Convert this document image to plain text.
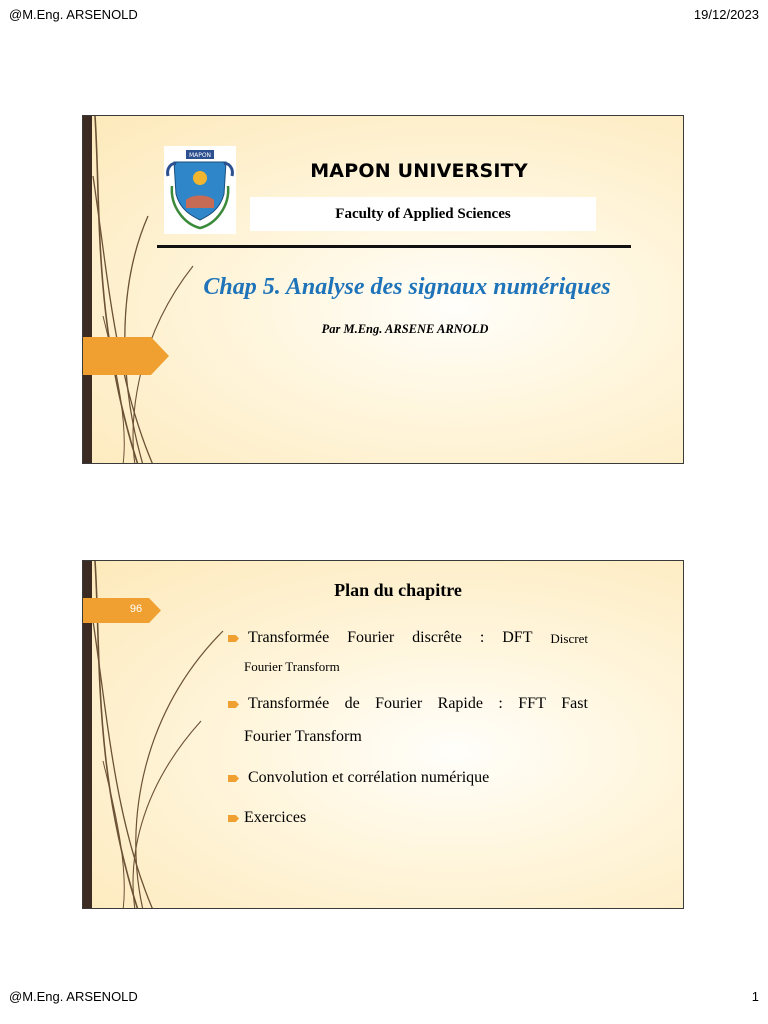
@M.Eng. ARSENOLD	19/12/2023
MAPON
MAPON UNIVERSITY
Faculty of Applied Sciences
Chap 5. Analyse des signaux numériques
Par M.Eng. ARSENE ARNOLD
96
Plan du chapitre
Transformée Fourier discrête : DFT Discret
Fourier Transform
Transformée de Fourier Rapide : FFT Fast
Fourier Transform
Convolution et corrélation numérique
Exercices
@M.Eng. ARSENOLD	1
